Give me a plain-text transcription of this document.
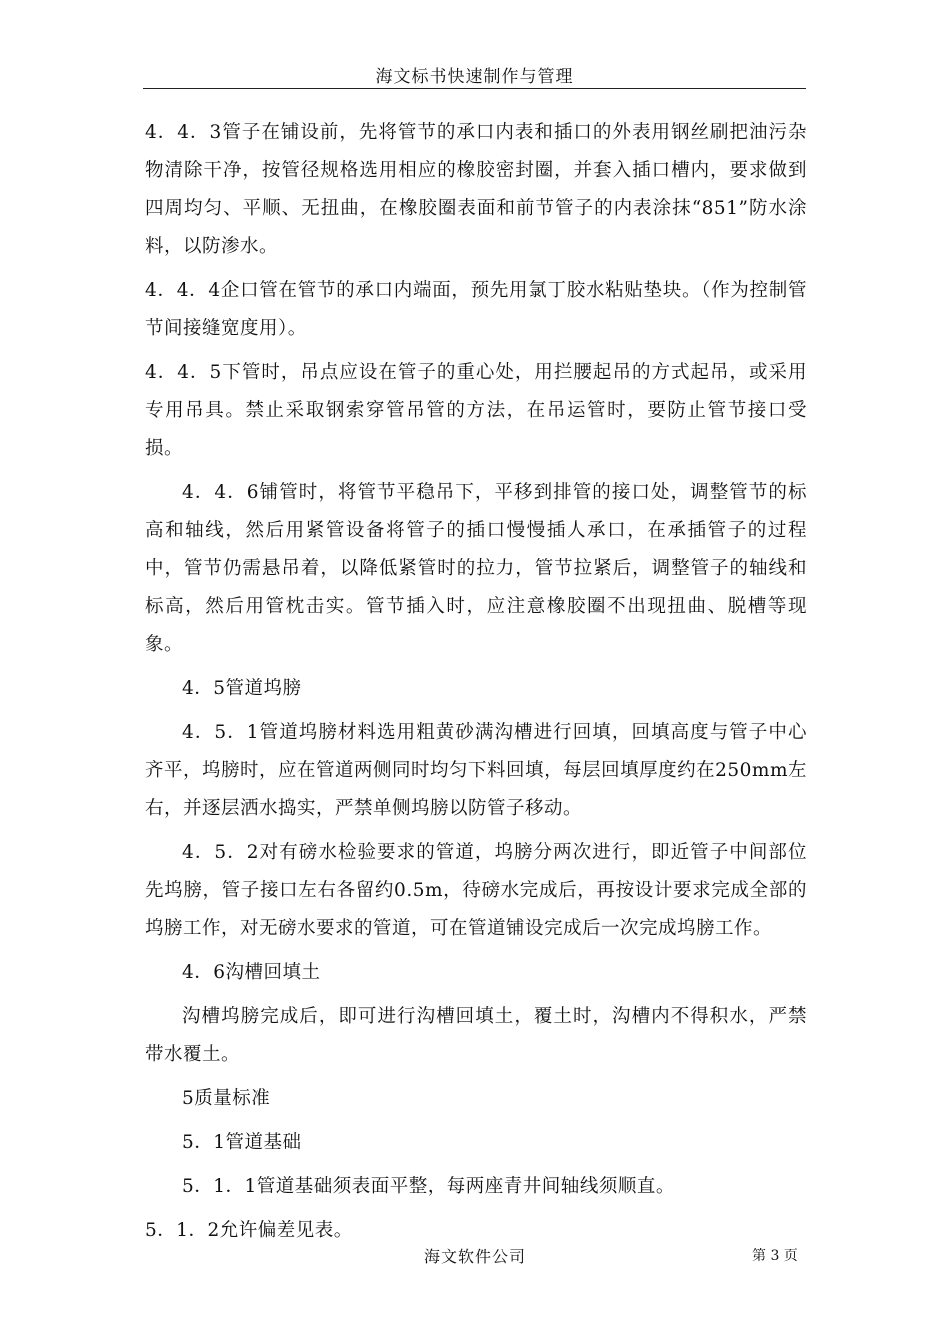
海文标书快速制作与管理

4．4．3管子在铺设前，先将管节的承口内表和插口的外表用钢丝刷把油污杂物清除干净，按管径规格选用相应的橡胶密封圈，并套入插口槽内，要求做到四周均匀、平顺、无扭曲，在橡胶圈表面和前节管子的内表涂抹“851”防水涂料，以防渗水。

4．4．4企口管在管节的承口内端面，预先用氯丁胶水粘贴垫块。（作为控制管节间接缝宽度用）。

4．4．5下管时，吊点应设在管子的重心处，用拦腰起吊的方式起吊，或采用专用吊具。禁止采取钢索穿管吊管的方法，在吊运管时，要防止管节接口受损。

4．4．6铺管时，将管节平稳吊下，平移到排管的接口处，调整管节的标高和轴线，然后用紧管设备将管子的插口慢慢插人承口，在承插管子的过程中，管节仍需悬吊着，以降低紧管时的拉力，管节拉紧后，调整管子的轴线和标高，然后用管枕击实。管节插入时，应注意橡胶圈不出现扭曲、脱槽等现象。

4．5管道坞膀

4．5．1管道坞膀材料选用粗黄砂满沟槽进行回填，回填高度与管子中心齐平，坞膀时，应在管道两侧同时均匀下料回填，每层回填厚度约在250mm左右，并逐层洒水捣实，严禁单侧坞膀以防管子移动。

4．5．2对有磅水检验要求的管道，坞膀分两次进行，即近管子中间部位先坞膀，管子接口左右各留约0.5m，待磅水完成后，再按设计要求完成全部的坞膀工作，对无磅水要求的管道，可在管道铺设完成后一次完成坞膀工作。

4．6沟槽回填土

沟槽坞膀完成后，即可进行沟槽回填土，覆土时，沟槽内不得积水，严禁带水覆土。

5质量标准

5．1管道基础

5．1．1管道基础须表面平整，每两座青井间轴线须顺直。

5．1．2允许偏差见表。

海文软件公司	第 3 页
